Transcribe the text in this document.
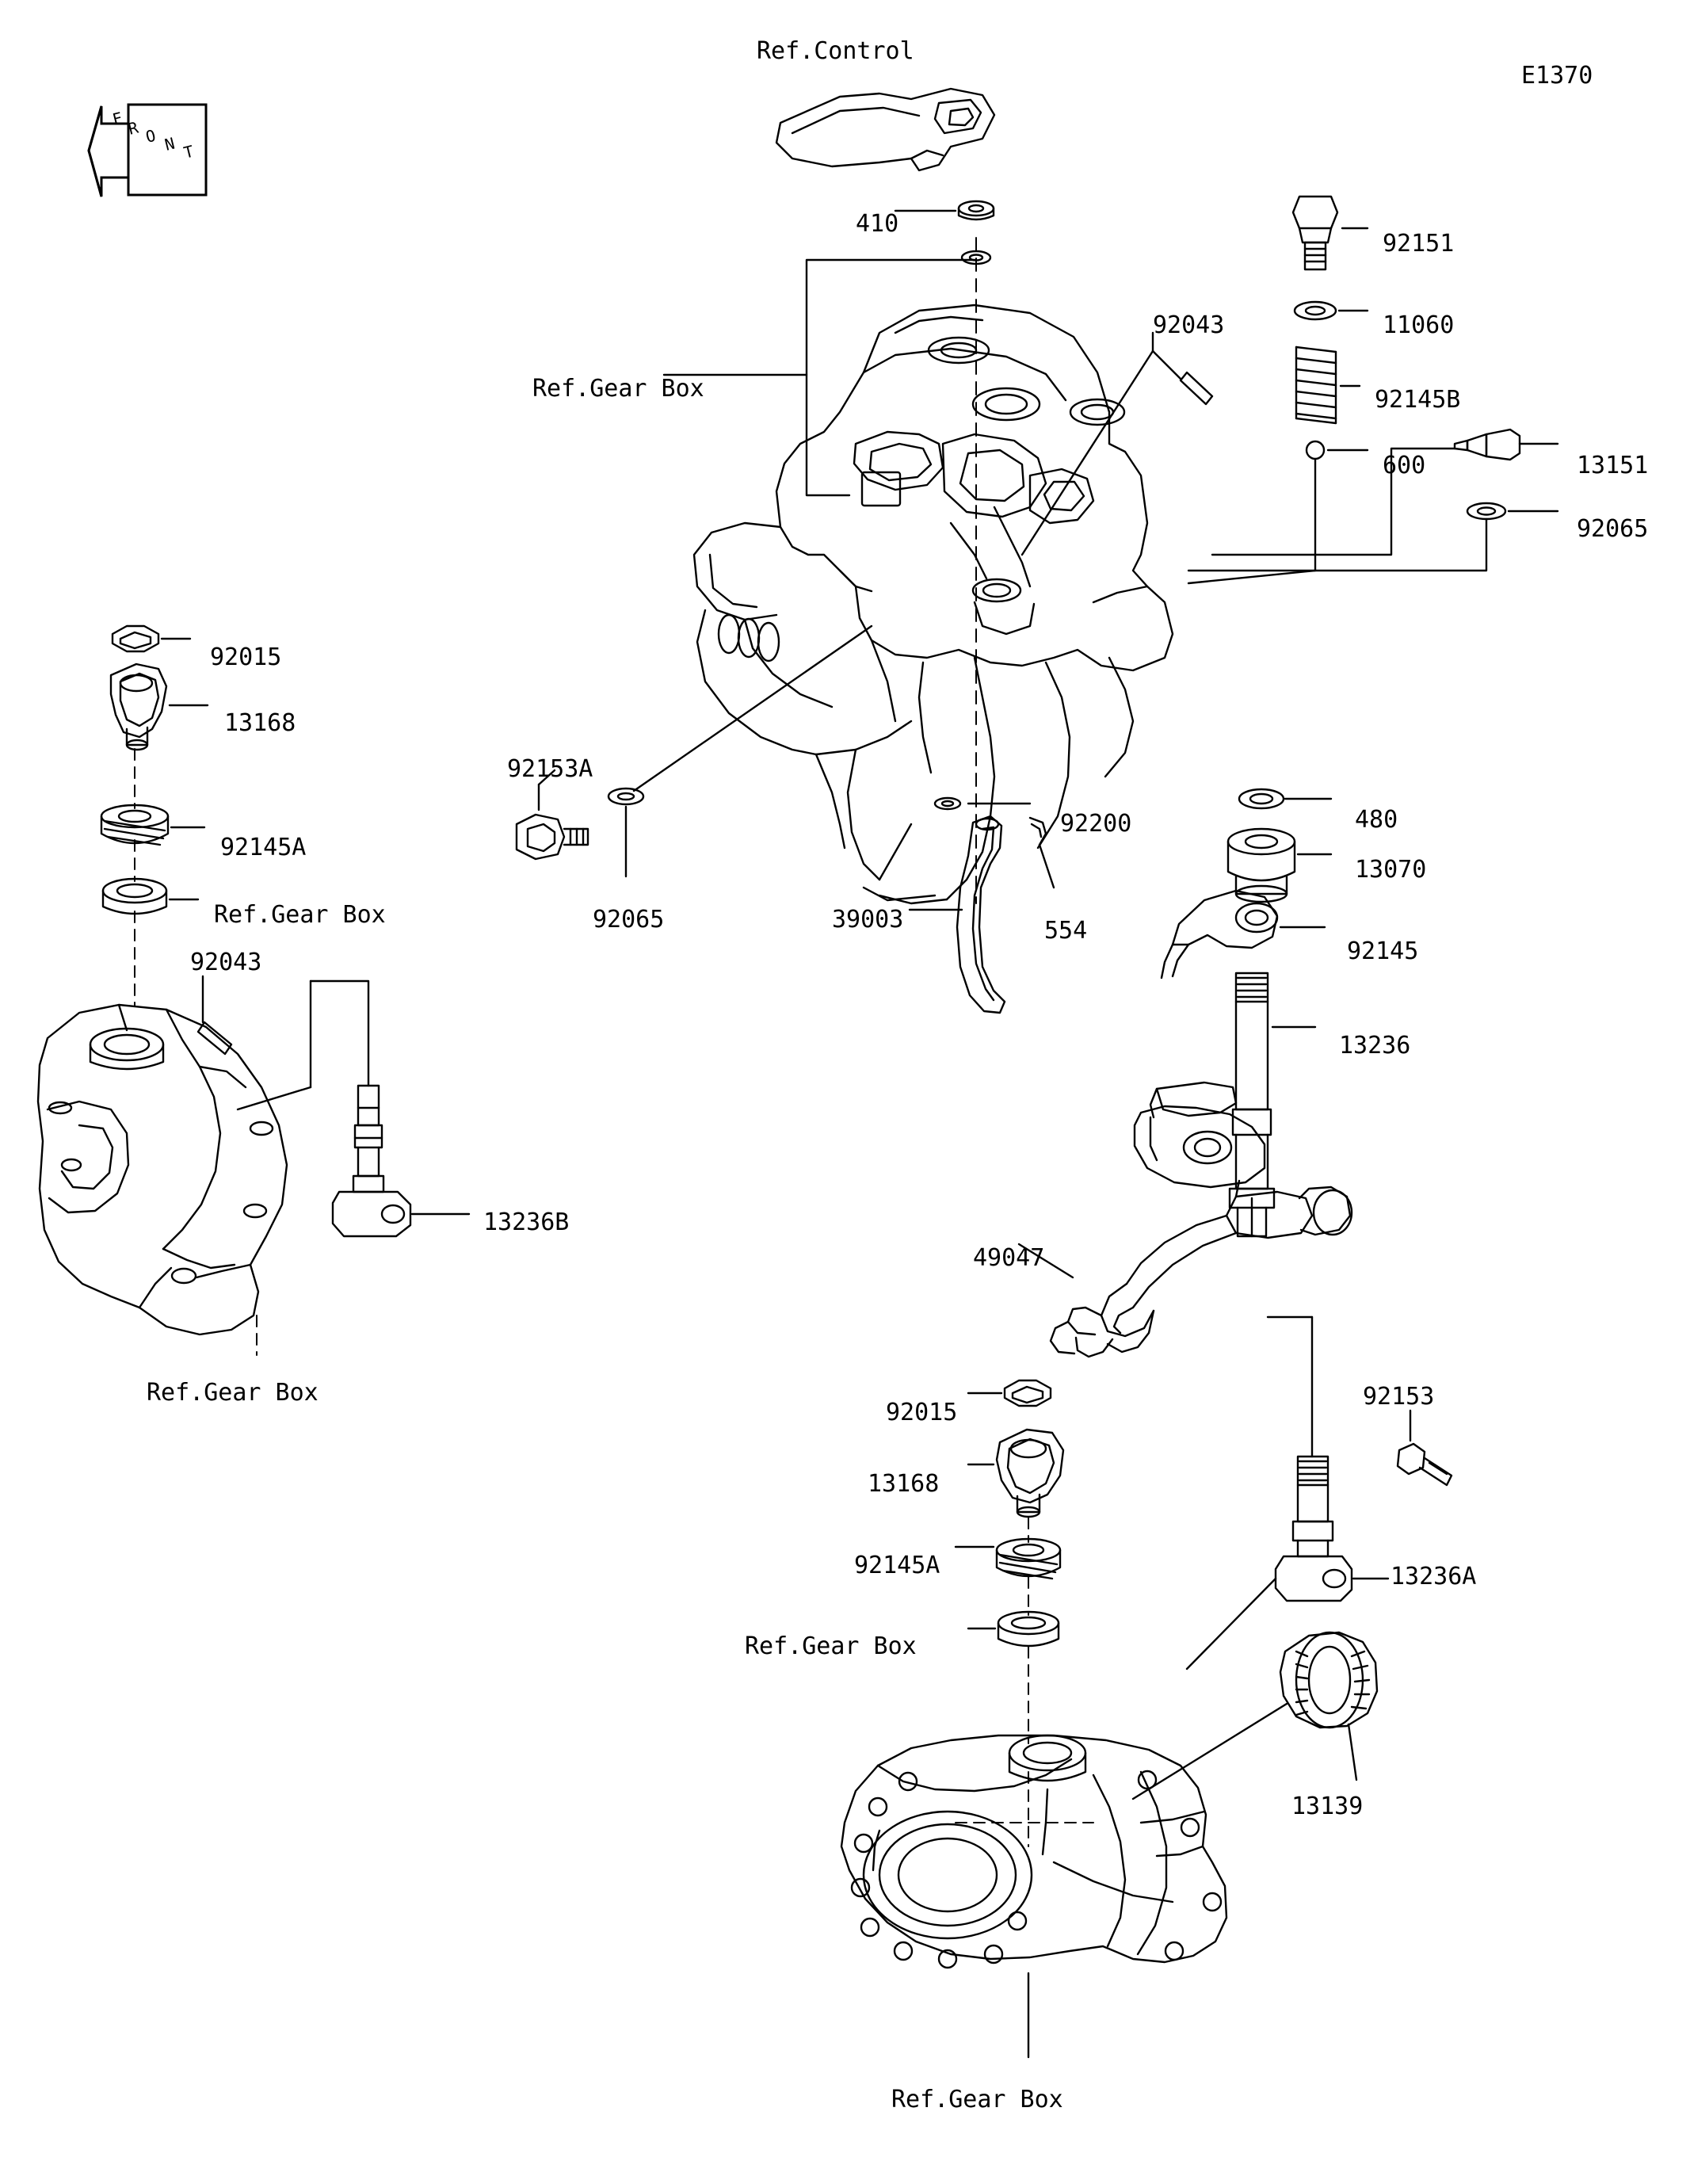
F R O N T
Ref.Control
E1370
410
92151
92043	11060
Ref.Gear Box	92145B
600	13151
92065
92015
13168
92153A
92145A
92200	480
Ref.Gear Box
13070
92065	39003	554
92043	92145
13236
13236B
49047
Ref.Gear Box	92153
92015
13168
13236A
92145A
Ref.Gear Box
13139
Ref.Gear Box
